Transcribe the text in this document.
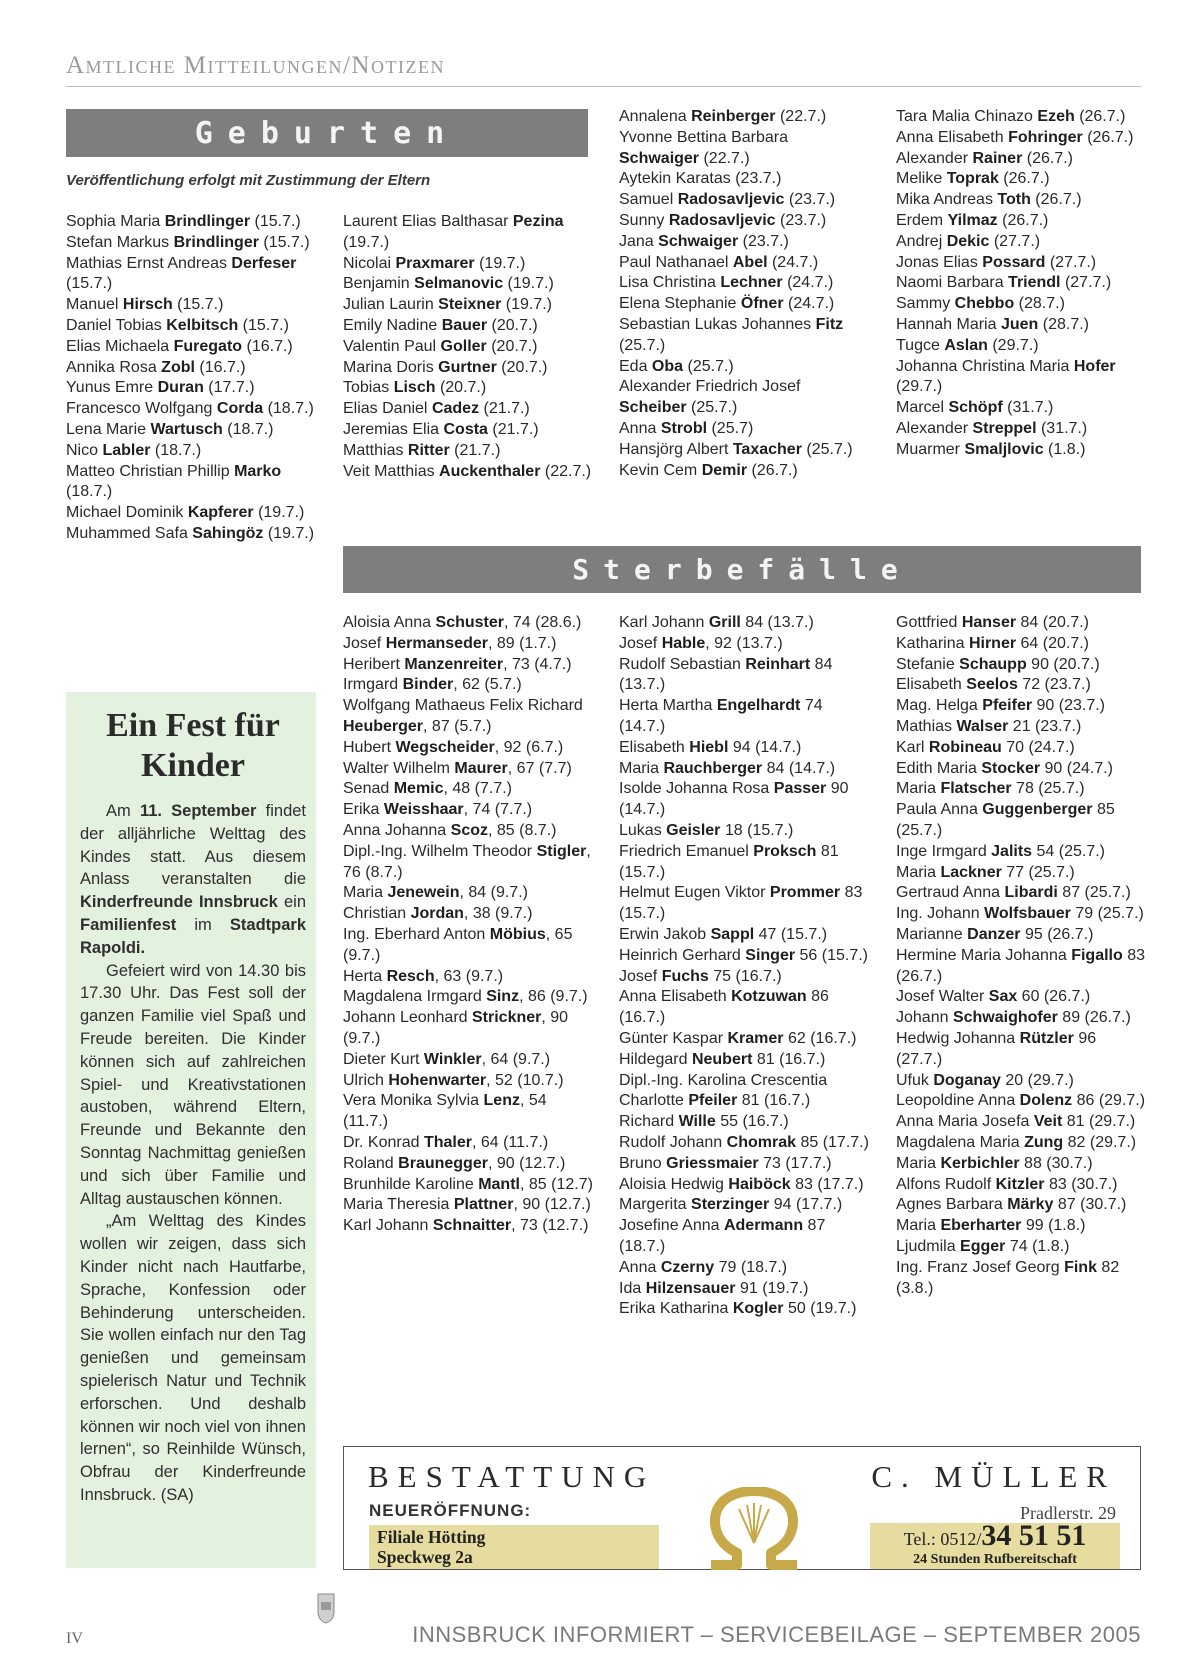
Amtliche Mitteilungen/Notizen
Geburten
Veröffentlichung erfolgt mit Zustimmung der Eltern
Sophia Maria Brindlinger (15.7.)
Stefan Markus Brindlinger (15.7.)
Mathias Ernst Andreas Derfeser (15.7.)
Manuel Hirsch (15.7.)
Daniel Tobias Kelbitsch (15.7.)
Elias Michaela Furegato (16.7.)
Annika Rosa Zobl (16.7.)
Yunus Emre Duran (17.7.)
Francesco Wolfgang Corda (18.7.)
Lena Marie Wartusch (18.7.)
Nico Labler (18.7.)
Matteo Christian Phillip Marko (18.7.)
Michael Dominik Kapferer (19.7.)
Muhammed Safa Sahingöz (19.7.)
Laurent Elias Balthasar Pezina (19.7.)
Nicolai Praxmarer (19.7.)
Benjamin Selmanovic (19.7.)
Julian Laurin Steixner (19.7.)
Emily Nadine Bauer (20.7.)
Valentin Paul Goller (20.7.)
Marina Doris Gurtner (20.7.)
Tobias Lisch (20.7.)
Elias Daniel Cadez (21.7.)
Jeremias Elia Costa (21.7.)
Matthias Ritter (21.7.)
Veit Matthias Auckenthaler (22.7.)
Annalena Reinberger (22.7.)
Yvonne Bettina Barbara Schwaiger (22.7.)
Aytekin Karatas (23.7.)
Samuel Radosavljevic (23.7.)
Sunny Radosavljevic (23.7.)
Jana Schwaiger (23.7.)
Paul Nathanael Abel (24.7.)
Lisa Christina Lechner (24.7.)
Elena Stephanie Öfner (24.7.)
Sebastian Lukas Johannes Fitz (25.7.)
Eda Oba (25.7.)
Alexander Friedrich Josef Scheiber (25.7.)
Anna Strobl (25.7)
Hansjörg Albert Taxacher (25.7.)
Kevin Cem Demir (26.7.)
Tara Malia Chinazo Ezeh (26.7.)
Anna Elisabeth Fohringer (26.7.)
Alexander Rainer (26.7.)
Melike Toprak (26.7.)
Mika Andreas Toth (26.7.)
Erdem Yilmaz (26.7.)
Andrej Dekic (27.7.)
Jonas Elias Possard (27.7.)
Naomi Barbara Triendl (27.7.)
Sammy Chebbo (28.7.)
Hannah Maria Juen (28.7.)
Tugce Aslan (29.7.)
Johanna Christina Maria Hofer (29.7.)
Marcel Schöpf (31.7.)
Alexander Streppel (31.7.)
Muarmer Smaljlovic (1.8.)
Sterbefälle
Aloisia Anna Schuster, 74 (28.6.)
Josef Hermanseder, 89 (1.7.)
Heribert Manzenreiter, 73 (4.7.)
Irmgard Binder, 62 (5.7.)
Wolfgang Mathaeus Felix Richard Heuberger, 87 (5.7.)
Hubert Wegscheider, 92 (6.7.)
Walter Wilhelm Maurer, 67 (7.7)
Senad Memic, 48 (7.7.)
Erika Weisshaar, 74 (7.7.)
Anna Johanna Scoz, 85 (8.7.)
Dipl.-Ing. Wilhelm Theodor Stigler, 76 (8.7.)
Maria Jenewein, 84 (9.7.)
Christian Jordan, 38 (9.7.)
Ing. Eberhard Anton Möbius, 65 (9.7.)
Herta Resch, 63 (9.7.)
Magdalena Irmgard Sinz, 86 (9.7.)
Johann Leonhard Strickner, 90 (9.7.)
Dieter Kurt Winkler, 64 (9.7.)
Ulrich Hohenwarter, 52 (10.7.)
Vera Monika Sylvia Lenz, 54 (11.7.)
Dr. Konrad Thaler, 64 (11.7.)
Roland Braunegger, 90 (12.7.)
Brunhilde Karoline Mantl, 85 (12.7)
Maria Theresia Plattner, 90 (12.7.)
Karl Johann Schnaitter, 73 (12.7.)
Karl Johann Grill 84 (13.7.)
Josef Hable, 92 (13.7.)
Rudolf Sebastian Reinhart 84 (13.7.)
Herta Martha Engelhardt 74 (14.7.)
Elisabeth Hiebl 94 (14.7.)
Maria Rauchberger 84 (14.7.)
Isolde Johanna Rosa Passer 90 (14.7.)
Lukas Geisler 18 (15.7.)
Friedrich Emanuel Proksch 81 (15.7.)
Helmut Eugen Viktor Prommer 83 (15.7.)
Erwin Jakob Sappl 47 (15.7.)
Heinrich Gerhard Singer 56 (15.7.)
Josef Fuchs 75 (16.7.)
Anna Elisabeth Kotzuwan 86 (16.7.)
Günter Kaspar Kramer 62 (16.7.)
Hildegard Neubert 81 (16.7.)
Dipl.-Ing. Karolina Crescentia Charlotte Pfeiler 81 (16.7.)
Richard Wille 55 (16.7.)
Rudolf Johann Chomrak 85 (17.7.)
Bruno Griessmaier 73 (17.7.)
Aloisia Hedwig Haiböck 83 (17.7.)
Margerita Sterzinger 94 (17.7.)
Josefine Anna Adermann 87 (18.7.)
Anna Czerny 79 (18.7.)
Ida Hilzensauer 91 (19.7.)
Erika Katharina Kogler 50 (19.7.)
Gottfried Hanser 84 (20.7.)
Katharina Hirner 64 (20.7.)
Stefanie Schaupp 90 (20.7.)
Elisabeth Seelos 72 (23.7.)
Mag. Helga Pfeifer 90 (23.7.)
Mathias Walser 21 (23.7.)
Karl Robineau 70 (24.7.)
Edith Maria Stocker 90 (24.7.)
Maria Flatscher 78 (25.7.)
Paula Anna Guggenberger 85 (25.7.)
Inge Irmgard Jalits 54 (25.7.)
Maria Lackner 77 (25.7.)
Gertraud Anna Libardi 87 (25.7.)
Ing. Johann Wolfsbauer 79 (25.7.)
Marianne Danzer 95 (26.7.)
Hermine Maria Johanna Figallo 83 (26.7.)
Josef Walter Sax 60 (26.7.)
Johann Schwaighofer 89 (26.7.)
Hedwig Johanna Rützler 96 (27.7.)
Ufuk Doganay 20 (29.7.)
Leopoldine Anna Dolenz 86 (29.7.)
Anna Maria Josefa Veit 81 (29.7.)
Magdalena Maria Zung 82 (29.7.)
Maria Kerbichler 88 (30.7.)
Alfons Rudolf Kitzler 83 (30.7.)
Agnes Barbara Märky 87 (30.7.)
Maria Eberharter 99 (1.8.)
Ljudmila Egger 74 (1.8.)
Ing. Franz Josef Georg Fink 82 (3.8.)
Ein Fest für
Kinder

Am 11. September findet der alljährliche Welttag des Kindes statt. Aus diesem Anlass veranstalten die Kinderfreunde Innsbruck ein Familienfest im Stadtpark Rapoldi.

Gefeiert wird von 14.30 bis 17.30 Uhr. Das Fest soll der ganzen Familie viel Spaß und Freude bereiten. Die Kinder können sich auf zahlreichen Spiel- und Kreativstationen austoben, während Eltern, Freunde und Bekannte den Sonntag Nachmittag genießen und sich über Familie und Alltag austauschen können.

„Am Welttag des Kindes wollen wir zeigen, dass sich Kinder nicht nach Hautfarbe, Sprache, Konfession oder Behinderung unterscheiden. Sie wollen einfach nur den Tag genießen und gemeinsam spielerisch Natur und Technik erforschen. Und deshalb können wir noch viel von ihnen lernen“, so Reinhilde Wünsch, Obfrau der Kinderfreunde Innsbruck. (SA)

BESTATTUNG	C. MÜLLER
NEUERÖFFNUNG:
Filiale Hötting
Speckweg 2a
Pradlerstr. 29
Tel.: 0512/34 51 51
24 Stunden Rufbereitschaft
IV	INNSBRUCK INFORMIERT – SERVICEBEILAGE – SEPTEMBER 2005
